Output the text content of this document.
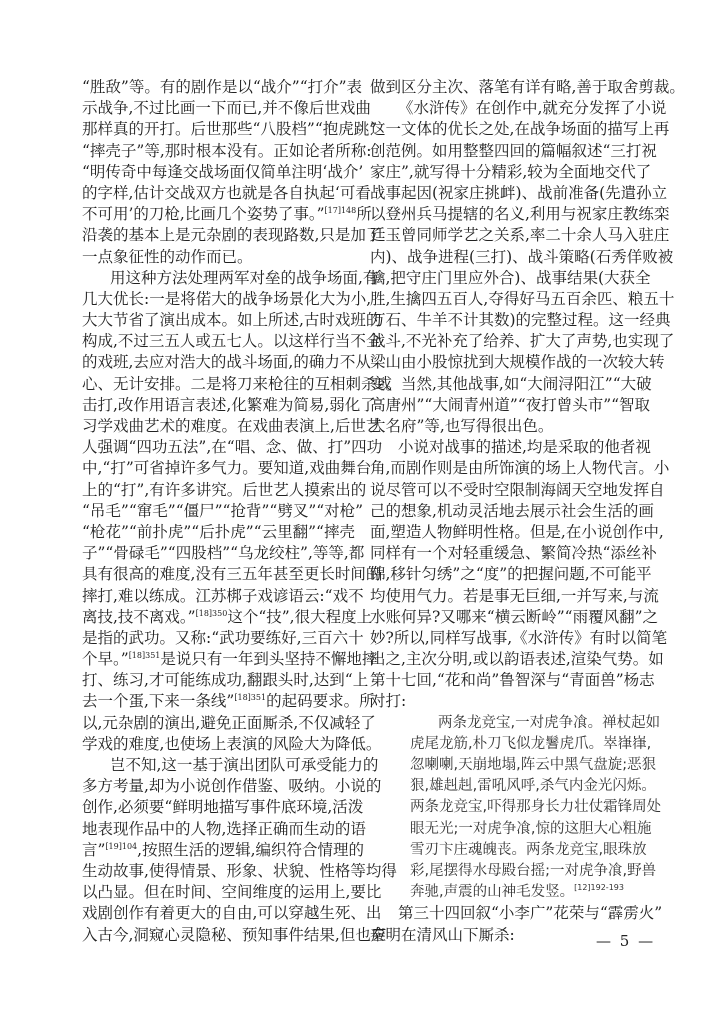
“胜敌”等。有的剧作是以“战介”“打介”表
示战争,不过比画一下而已,并不像后世戏曲
那样真的开打。后世那些“八股档”“抱虎跳”
“摔壳子”等,那时根本没有。正如论者所称:
“明传奇中每逢交战场面仅简单注明‘战介’
的字样,估计交战双方也就是各自执起‘可看
不可用’的刀枪,比画几个姿势了事。”$^{[17]148}$所
沿袭的基本上是元杂剧的表现路数,只是加了
一点象征性的动作而已。
用这种方法处理两军对垒的战争场面,有
几大优长:一是将偌大的战争场景化大为小,
大大节省了演出成本。如上所述,古时戏班的
构成,不过三五人或五七人。以这样行当不全
的戏班,去应对浩大的战斗场面,的确力不从
心、无计安排。二是将刀来枪往的互相刺杀或
击打,改作用语言表述,化繁难为简易,弱化了
习学戏曲艺术的难度。在戏曲表演上,后世艺
人强调“四功五法”,在“唱、念、做、打”四功
中,“打”可省掉许多气力。要知道,戏曲舞台
上的“打”,有许多讲究。后世艺人摸索出的
“吊毛”“窜毛”“僵尸”“抢背”“劈叉”“对枪”
“枪花”“前扑虎”“后扑虎”“云里翻”“摔壳
子”“骨碌毛”“四股档”“乌龙绞柱”,等等,都
具有很高的难度,没有三五年甚至更长时间的
摔打,难以练成。江苏梆子戏谚语云:“戏不
离技,技不离戏。”$^{[18]350}$这个“技”,很大程度上
是指的武功。又称:“武功要练好,三百六十
个早。”$^{[18]351}$是说只有一年到头坚持不懈地摔
打、练习,才可能练成功,翻跟头时,达到“上
去一个蛋,下来一条线”$^{[18]351}$的起码要求。所
以,元杂剧的演出,避免正面厮杀,不仅减轻了
学戏的难度,也使场上表演的风险大为降低。
岂不知,这一基于演出团队可承受能力的
多方考量,却为小说创作借鉴、吸纳。小说的
创作,必须要“鲜明地描写事件底环境,活泼
地表现作品中的人物,选择正确而生动的语
言”$^{[19]104}$,按照生活的逻辑,编织符合情理的
生动故事,使得情景、形象、状貌、性格等均得
以凸显。但在时间、空间维度的运用上,要比
戏剧创作有着更大的自由,可以穿越生死、出
入古今,洞窥心灵隐秘、预知事件结果,但也应
做到区分主次、落笔有详有略,善于取舍剪裁。
《水浒传》在创作中,就充分发挥了小说
这一文体的优长之处,在战争场面的描写上再
创范例。如用整整四回的篇幅叙述“三打祝
家庄”,就写得十分精彩,较为全面地交代了
战事起因(祝家庄挑衅)、战前准备(先遣孙立
以登州兵马提辖的名义,利用与祝家庄教练栾
廷玉曾同师学艺之关系,率二十余人马入驻庄
内)、战争进程(三打)、战斗策略(石秀佯败被
擒,把守庄门里应外合)、战事结果(大获全
胜,生擒四五百人,夺得好马五百余匹、粮五十
万石、牛羊不计其数)的完整过程。这一经典
战斗,不光补充了给养、扩大了声势,也实现了
梁山由小股惊扰到大规模作战的一次较大转
变。当然,其他战事,如“大闹浔阳江”“大破
高唐州”“大闹青州道”“夜打曾头市”“智取
大名府”等,也写得很出色。
小说对战事的描述,均是采取的他者视
角,而剧作则是由所饰演的场上人物代言。小
说尽管可以不受时空限制海阔天空地发挥自
己的想象,机动灵活地去展示社会生活的画
面,塑造人物鲜明性格。但是,在小说创作中,
同样有一个对轻重缓急、繁简冷热“添丝补
锦,移针匀绣”之“度”的把握问题,不可能平
均使用气力。若是事无巨细,一并写来,与流
水账何异?又哪来“横云断岭”“雨覆风翻”之
妙?所以,同样写战事,《水浒传》有时以简笔
出之,主次分明,或以韵语表述,渲染气势。如
第十七回,“花和尚”鲁智深与“青面兽”杨志
对打:
两条龙竞宝,一对虎争飡。禅杖起如
虎尾龙筋,朴刀飞似龙鬐虎爪。崒嵂嵂,
忽喇喇,天崩地塌,阵云中黑气盘旋;恶狠
狠,雄赳赳,雷吼风呼,杀气内金光闪烁。
两条龙竞宝,吓得那身长力壮仗霜锋周处
眼无光;一对虎争飡,惊的这胆大心粗施
雪刃卞庄魂魄丧。两条龙竞宝,眼珠放
彩,尾摆得水母殿台摇;一对虎争飡,野兽
奔驰,声震的山神毛发竖。$^{[12]192-193}$
第三十四回叙“小李广”花荣与“霹雳火”
秦明在清风山下厮杀:	— 5 —
